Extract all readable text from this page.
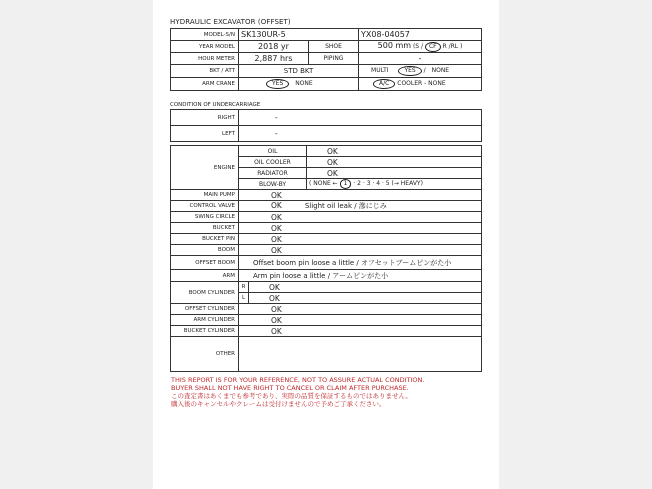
HYDRAULIC EXCAVATOR (OFFSET)
MODEL-S/N	SK130UR-5		YX08-04057
YEAR MODEL	2018 yr	SHOE	500 mm (S / CF R /RL )
HOUR METER	2,887 hrs	PIPING	-
BKT / ATT	STD BKT		MULTI YES / NONE
ARM CRANE	YES NONE		A/C COOLER - NONE
CONDITION OF UNDERCARRIAGE
RIGHT	-
LEFT	-
ENGINE	OIL		OK
	OIL COOLER		OK
	RADIATOR		OK
	BLOW-BY		( NONE ← 1 · 2 · 3 · 4 · 5 (→ HEAVY)
MAIN PUMP	OK		
CONTROL VALVE	OK Slight oil leak / 滲にじみ		
SWING CIRCLE	OK		
BUCKET	OK		
BUCKET PIN	OK		
BOOM	OK		
OFFSET BOOM	Offset boom pin loose a little / オフセットブームピンがた小		
ARM	Arm pin loose a little / アームピンがた小		
BOOM CYLINDER	R	OK	
	L	OK	
OFFSET CYLINDER	OK		
ARM CYLINDER	OK		
BUCKET CYLINDER	OK		
OTHER			
THIS REPORT IS FOR YOUR REFERENCE, NOT TO ASSURE ACTUAL CONDITION.
BUYER SHALL NOT HAVE RIGHT TO CANCEL OR CLAIM AFTER PURCHASE.
この査定書はあくまでも参考であり、実際の品質を保証するものではありません。
購入後のキャンセルやクレームは受付けませんので予めご了承ください。
